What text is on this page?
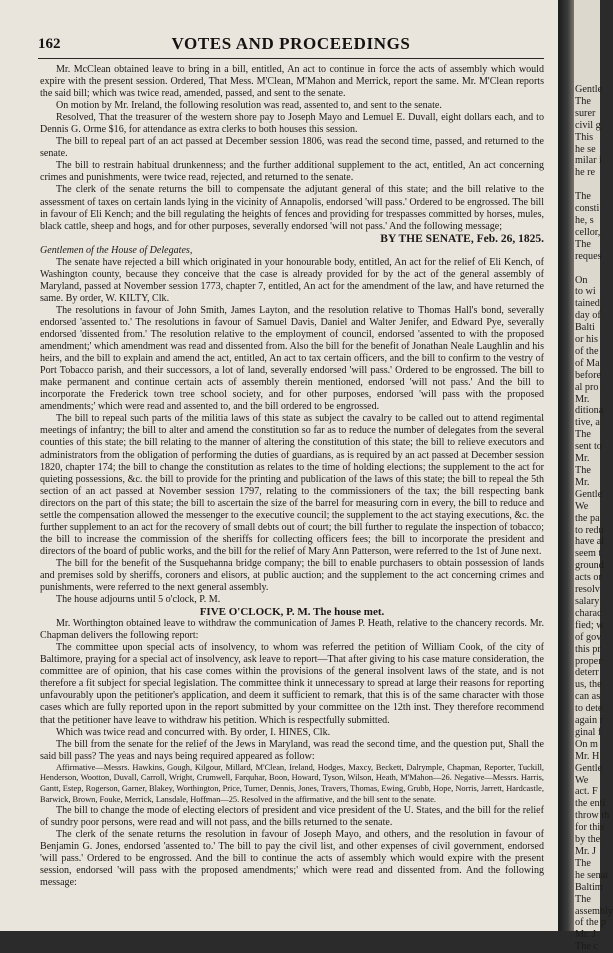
162	VOTES AND PROCEEDINGS

Mr. McClean obtained leave to bring in a bill, entitled, An act to continue in force the acts of assembly which would expire with the present session. Ordered, That Mess. M'Clean, M'Mahon and Merrick, report the same. Mr. M'Clean reports the said bill; which was twice read, amended, passed, and sent to the senate.

On motion by Mr. Ireland, the following resolution was read, assented to, and sent to the senate.

Resolved, That the treasurer of the western shore pay to Joseph Mayo and Lemuel E. Duvall, eight dollars each, and to Dennis G. Orme $16, for attendance as extra clerks to both houses this session.

The bill to repeal part of an act passed at December session 1806, was read the second time, passed, and returned to the senate.

The bill to restrain habitual drunkenness; and the further additional supplement to the act, entitled, An act concerning crimes and punishments, were twice read, rejected, and returned to the senate.

The clerk of the senate returns the bill to compensate the adjutant general of this state; and the bill relative to the assessment of taxes on certain lands lying in the vicinity of Annapolis, endorsed 'will pass.' Ordered to be engrossed. The bill in favour of Eli Kench; and the bill regulating the heights of fences and providing for trespasses committed by horses, mules, black cattle, sheep and hogs, and for other purposes, severally endorsed 'will not pass.' And the following message;

BY THE SENATE, Feb. 26, 1825.

Gentlemen of the House of Delegates,

The senate have rejected a bill which originated in your honourable body, entitled, An act for the relief of Eli Kench, of Washington county, because they conceive that the case is already provided for by the act of the general assembly of Maryland, passed at November session 1773, chapter 7, entitled, An act for the amendment of the law, and have returned the same. By order, W. KILTY, Clk.

The resolutions in favour of John Smith, James Layton, and the resolution relative to Thomas Hall's bond, severally endorsed 'assented to.' The resolutions in favour of Samuel Davis, Daniel and Walter Jenifer, and Edward Pye, severally endorsed 'dissented from.' The resolution relative to the employment of council, endorsed 'assented to with the proposed amendment;' which amendment was read and dissented from. Also the bill for the benefit of Jonathan Neale Laughlin and his heirs, and the bill to explain and amend the act, entitled, An act to tax certain officers, and the bill to confirm to the vestry of Port Tobacco parish, and their successors, a lot of land, severally endorsed 'will pass.' Ordered to be engrossed. The bill to make permanent and continue certain acts of assembly therein mentioned, endorsed 'will not pass.' And the bill to incorporate the Frederick town tree school society, and for other purposes, endorsed 'will pass with the proposed amendments;' which were read and assented to, and the bill ordered to be engrossed.

The bill to repeal such parts of the militia laws of this state as subject the cavalry to be called out to attend regimental meetings of infantry; the bill to alter and amend the constitution so far as to reduce the number of delegates from the several counties of this state; the bill relating to the manner of altering the constitution of this state; the bill to relieve executors and administrators from the obligation of performing the duties of guardians, as is required by an act passed at December session 1820, chapter 174; the bill to change the constitution as relates to the time of holding elections; the supplement to the act for quieting possessions, &c. the bill to provide for the printing and publication of the laws of this state; the bill to repeal the 5th section of an act passed at November session 1797, relating to the commissioners of the tax; the bill respecting bank directors on the part of this state; the bill to ascertain the size of the barrel for measuring corn in every, the bill to reduce and settle the compensation allowed the messenger to the executive council; the supplement to the act staying executions, &c. the further supplement to an act for the recovery of small debts out of court; the bill further to regulate the inspection of tobacco; the bill to increase the commission of the sheriffs for collecting officers fees; the bill to incorporate the president and directors of the board of public works, and the bill for the relief of Mary Ann Patterson, were referred to the 1st of June next.

The bill for the benefit of the Susquehanna bridge company; the bill to enable purchasers to obtain possession of lands and premises sold by sheriffs, coroners and elisors, at public auction; and the supplement to the act concerning crimes and punishments, were referred to the next general assembly.

The house adjourns until 5 o'clock, P. M.

FIVE O'CLOCK, P. M. The house met.

Mr. Worthington obtained leave to withdraw the communication of James P. Heath, relative to the chancery records. Mr. Chapman delivers the following report:

The committee upon special acts of insolvency, to whom was referred the petition of William Cook, of the city of Baltimore, praying for a special act of insolvency, ask leave to report—That after giving to his case mature consideration, the committee are of opinion, that his case comes within the provisions of the general insolvent laws of the state, and is not therefore a fit subject for special legislation. The committee think it unnecessary to spread at large their reasons for reporting unfavourably upon the petitioner's application, and deem it sufficient to remark, that this is of the same character with those cases which are fully reported upon in the report submitted by your committee on the 12th inst. They therefore recommend that the petitioner have leave to withdraw his petition. Which is respectfully submitted.

Which was twice read and concurred with. By order, I. HINES, Clk.

The bill from the senate for the relief of the Jews in Maryland, was read the second time, and the question put, Shall the said bill pass? The yeas and nays being required appeared as follow:

Affirmative—Messrs. Hawkins, Gough, Kilgour, Millard, M'Clean, Ireland, Hodges, Maxcy, Beckett, Dalrymple, Chapman, Reporter, Tuckill, Henderson, Wootton, Duvall, Carroll, Wright, Crumwell, Farquhar, Boon, Howard, Tyson, Wilson, Heath, M'Mahon—26. Negative—Messrs. Harris, Gantt, Estep, Rogerson, Garner, Blakey, Worthington, Price, Turner, Dennis, Jones, Travers, Thomas, Ewing, Grubb, Hope, Norris, Jarrett, Hardcastle, Barwick, Brown, Fouke, Merrick, Lansdale, Hoffman—25. Resolved in the affirmative, and the bill sent to the senate.

The bill to change the mode of electing electors of president and vice president of the U. States, and the bill for the relief of sundry poor persons, were read and will not pass, and the bills returned to the senate.

The clerk of the senate returns the resolution in favour of Joseph Mayo, and others, and the resolution in favour of Benjamin G. Jones, endorsed 'assented to.' The bill to pay the civil list, and other expenses of civil government, endorsed 'will pass.' Ordered to be engrossed. And the bill to continue the acts of assembly which would expire with the present session, endorsed 'will pass with the proposed amendments;' which were read and dissented from. And the following message:

Gentle
The
surer
civil g
This
he se
milar i
he re

The
consti
he, s
cellor,
The
reques

On
to wi
tained
day of
Balti
or his
of the
of Ma
before
al pro
Mr.
ditiona
tive, a
The
sent to
Mr.
The
Mr.
Gentle
We
the pa
to redu
have al
seem t
ground
acts or
resolv
salary
charac
fied; w
of gov
this pr
proper
deterr
us, the
can as
to dete
again r
ginal f
On m
Mr. H
Gentle
We
act. F
the enti
throw th
for this
by the
Mr. J
The
he senat
Baltim
The
assembly
of the p
Mr. J
The c
